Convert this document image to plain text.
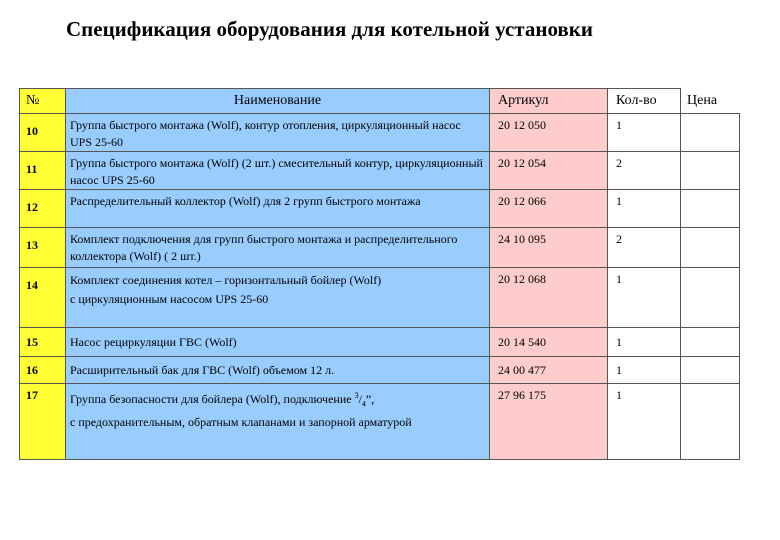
Спецификация оборудования для котельной установки
№	Наименование	Артикул	Кол-во	Цена
10	Группа быстрого монтажа (Wolf), контур отопления, циркуляционный насос UPS 25-60	20 12 050	1	
11	Группа быстрого монтажа (Wolf) (2 шт.) смесительный контур, циркуляционный насос UPS 25-60	20 12 054	2	
12	Распределительный коллектор (Wolf) для 2 групп быстрого монтажа	20 12 066	1	
13	Комплект подключения для групп быстрого монтажа и распределительного коллектора (Wolf) ( 2 шт.)	24 10 095	2	
14	Комплект соединения котел – горизонтальный бойлер (Wolf)
с циркуляционным насосом UPS 25-60	20 12 068	1	
15	Насос рециркуляции ГВС (Wolf)	20 14 540	1	
16	Расширительный бак для ГВС (Wolf) объемом 12 л.	24 00 477	1	
17	Группа безопасности для бойлера (Wolf), подключение $^3/_4$”,
с предохранительным, обратным клапанами и запорной арматурой	27 96 175	1	
